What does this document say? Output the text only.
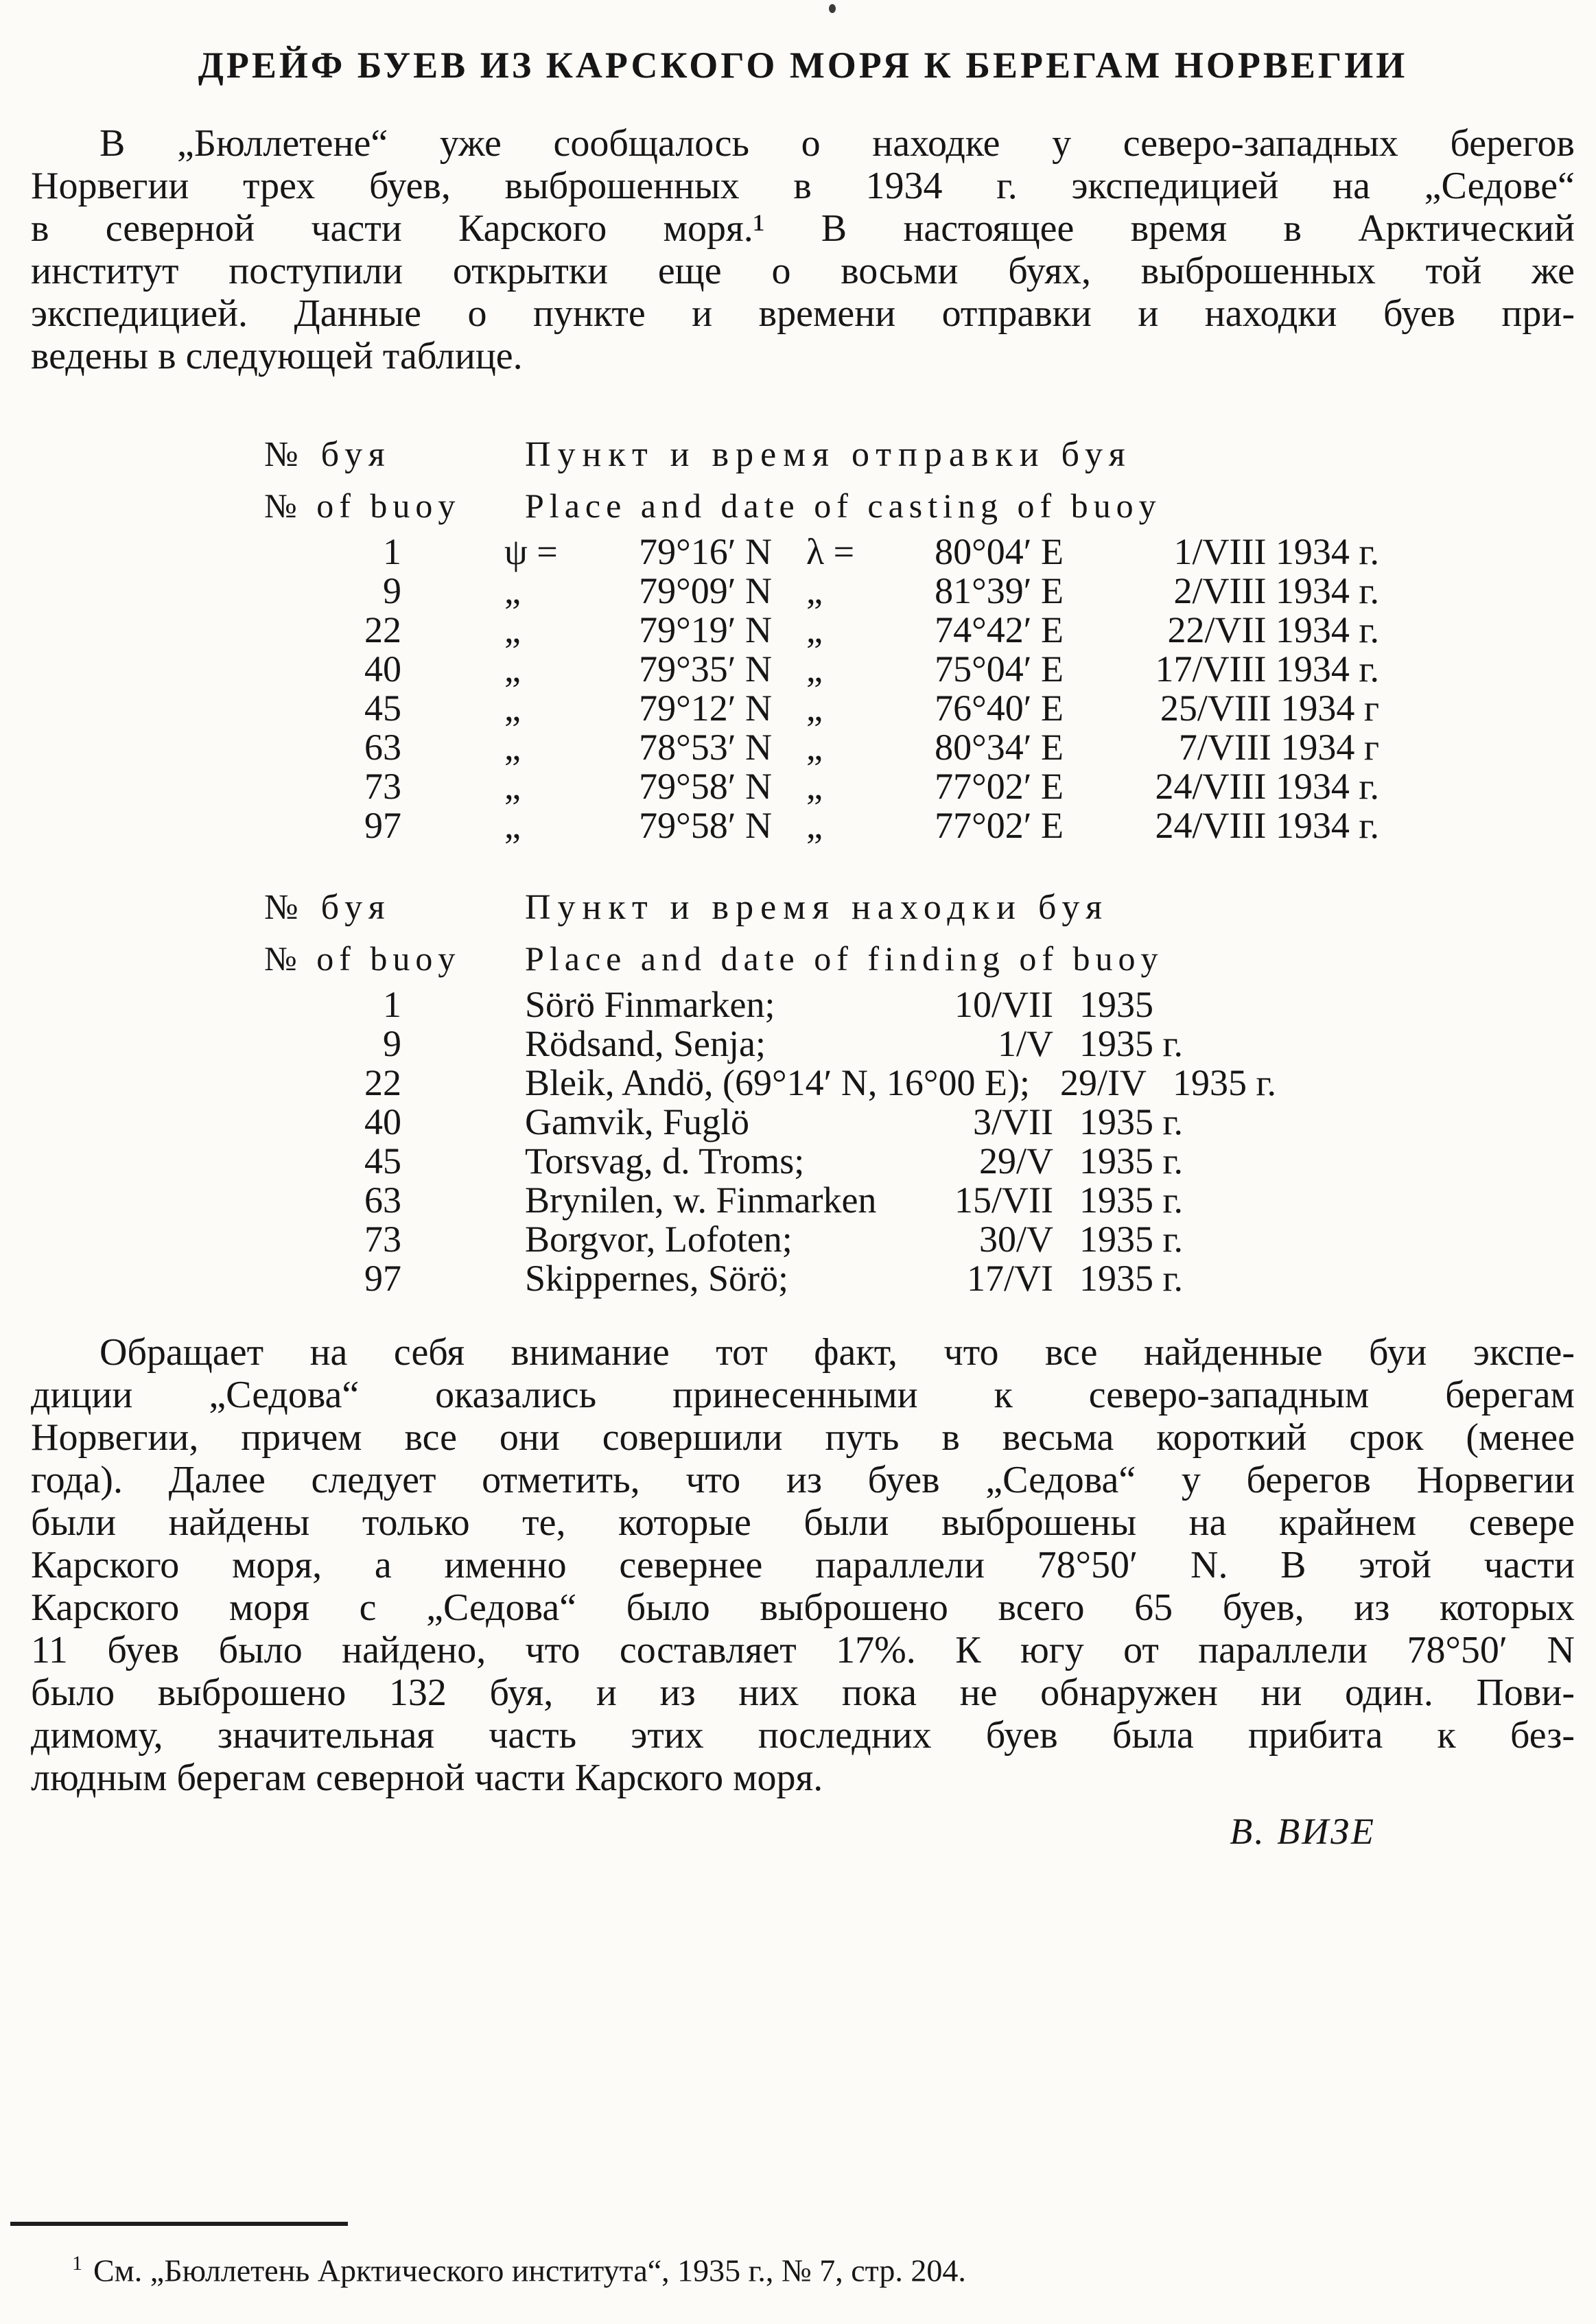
ДРЕЙФ БУЕВ ИЗ КАРСКОГО МОРЯ К БЕРЕГАМ НОРВЕГИИ
В „Бюллетене“ уже сообщалось о находке у северо-западных берегов
Норвегии трех буев, выброшенных в 1934 г. экспедицией на „Седове“
в северной части Карского моря.¹ В настоящее время в Арктический
институт поступили открытки еще о восьми буях, выброшенных той же
экспедицией. Данные о пункте и времени отправки и находки буев при-
ведены в следующей таблице.
№ буя	Пункт и время отправки буя
№ of buoy	Place and date of casting of buoy
1	ψ =	79°16′ N λ =	80°04′ E	1/VIII 1934 г.
9	„	79°09′ N „	81°39′ E	2/VIII 1934 г.
22	„	79°19′ N „	74°42′ E	22/VII 1934 г.
40	„	79°35′ N „	75°04′ E	17/VIII 1934 г.
45	„	79°12′ N „	76°40′ E	25/VIII 1934 г
63	„	78°53′ N „	80°34′ E	7/VIII 1934 г
73	„	79°58′ N „	77°02′ E	24/VIII 1934 г.
97	„	79°58′ N „	77°02′ E	24/VIII 1934 г.
№ буя	Пункт и время находки буя
№ of buoy	Place and date of finding of buoy
1	Sörö Finmarken;	10/VII 1935
9	Rödsand, Senja;	1/V 1935 г.
22	Bleik, Andö, (69°14′ N, 16°00 E); 29/IV 1935 г.
40	Gamvik, Fuglö	3/VII 1935 г.
45	Torsvag, d. Troms;	29/V 1935 г.
63	Brynilen, w. Finmarken	15/VII 1935 г.
73	Borgvor, Lofoten;	30/V 1935 г.
97	Skippernes, Sörö;	17/VI 1935 г.
Обращает на себя внимание тот факт, что все найденные буи экспе-
диции „Седова“ оказались принесенными к северо-западным берегам
Норвегии, причем все они совершили путь в весьма короткий срок (менее
года). Далее следует отметить, что из буев „Седова“ у берегов Норвегии
были найдены только те, которые были выброшены на крайнем севере
Карского моря, а именно севернее параллели 78°50′ N. В этой части
Карского моря с „Седова“ было выброшено всего 65 буев, из которых
11 буев было найдено, что составляет 17%. К югу от параллели 78°50′ N
было выброшено 132 буя, и из них пока не обнаружен ни один. Пови-
димому, значительная часть этих последних буев была прибита к без-
людным берегам северной части Карского моря.
В. ВИЗЕ
$^1$ См. „Бюллетень Арктического института“, 1935 г., № 7, стр. 204.
